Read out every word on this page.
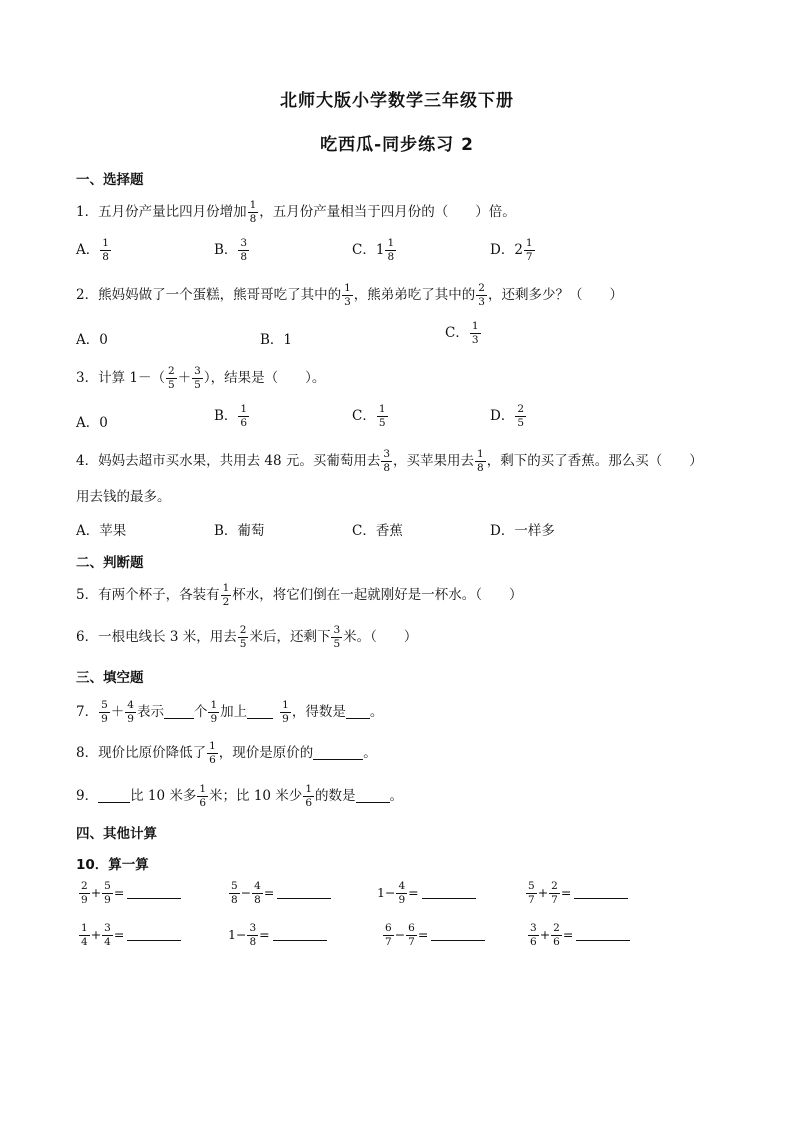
北师大版小学数学三年级下册
吃西瓜-同步练习 2
一、选择题
1．五月份产量比四月份增加 $\frac{1}{8}$ ，五月份产量相当于四月份的（　　）倍。
A． $\frac{1}{8}$	B． $\frac{3}{8}$	C．$1 \frac{1}{8}$	D．$2 \frac{1}{7}$
2．熊妈妈做了一个蛋糕，熊哥哥吃了其中的 $\frac{1}{3}$ ，熊弟弟吃了其中的 $\frac{2}{3}$ ，还剩多少？（　　）
A．0	B．1	C． $\frac{1}{3}$
3．计算 $1-( \frac{2}{5} + \frac{3}{5}$ ），结果是（　　）。
A．0	B． $\frac{1}{6}$	C． $\frac{1}{5}$	D． $\frac{2}{5}$
4．妈妈去超市买水果，共用去 48 元。买葡萄用去 $\frac{3}{8}$ ，买苹果用去 $\frac{1}{8}$ ，剩下的买了香蕉。那么买（　　）
用去钱的最多。
A．苹果	B．葡萄	C．香蕉	D．一样多
二、判断题
5．有两个杯子，各装有 $\frac{1}{2}$ 杯水，将它们倒在一起就刚好是一杯水。（　　）
6．一根电线长 3 米，用去 $\frac{2}{5}$ 米后，还剩下 $\frac{3}{5}$ 米。（　　）
三、填空题
7． $\frac{5}{9} + \frac{4}{9}$ 表示 个 $\frac{1}{9}$ 加上	$\frac{1}{9}$ ，得数是 。
8．现价比原价降低了 $\frac{1}{6}$ ，现价是原价的	。
9． 比 10 米多 $\frac{1}{6}$ 米；比 10 米少 $\frac{1}{6}$ 的数是	。
四、其他计算
10．算一算
$\frac{2}{9} + \frac{5}{9}$ =	$\frac{5}{8} - \frac{4}{8}$ =	$1- \frac{4}{9}$ =	$\frac{5}{7} + \frac{2}{7}$ =
$\frac{1}{4} + \frac{3}{4}$ =	$1- \frac{3}{8}$ =	$\frac{6}{7} - \frac{6}{7}$ =	$\frac{3}{6} + \frac{2}{6}$ =
